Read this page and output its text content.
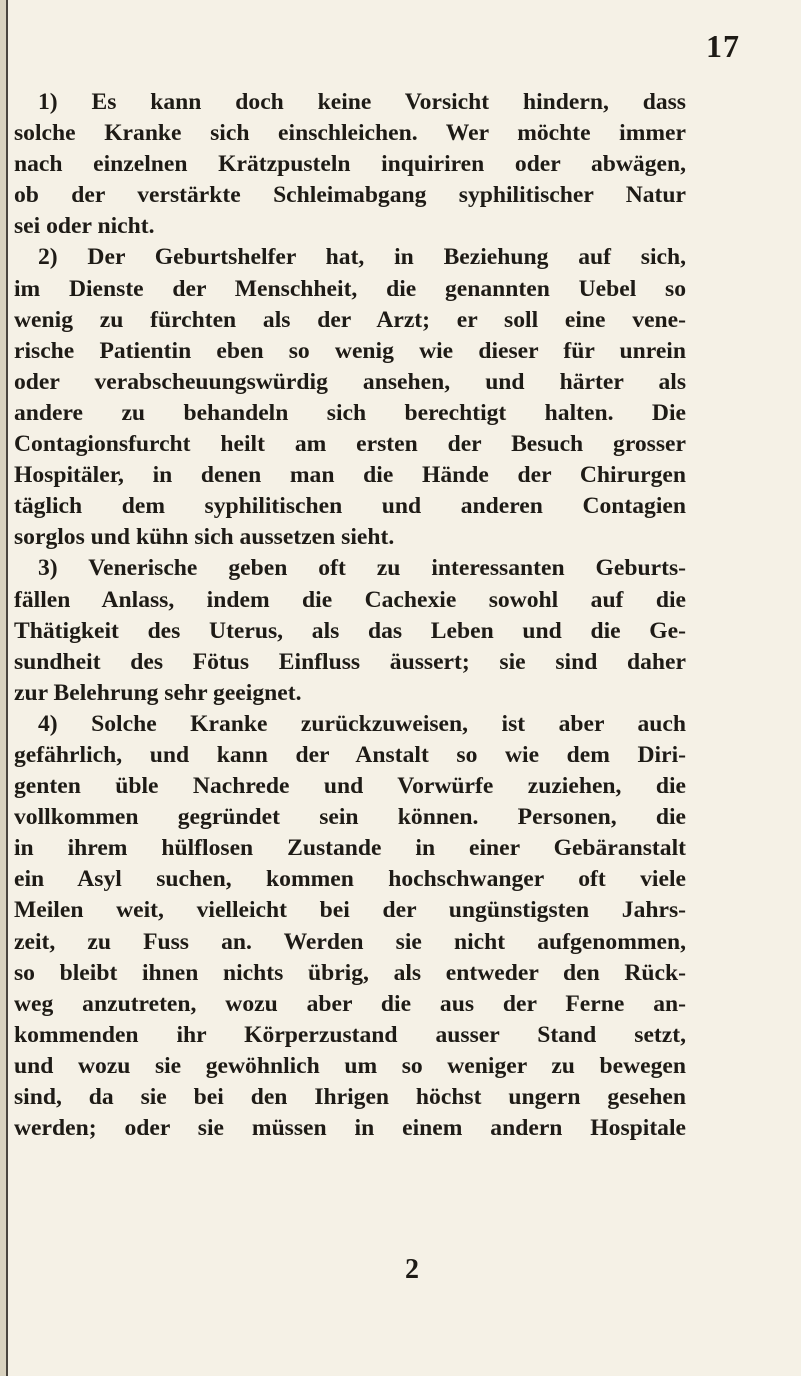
17
1) Es kann doch keine Vorsicht hindern, dass
solche Kranke sich einschleichen. Wer möchte immer
nach einzelnen Krätzpusteln inquiriren oder abwägen,
ob der verstärkte Schleimabgang syphilitischer Natur
sei oder nicht.
2) Der Geburtshelfer hat, in Beziehung auf sich,
im Dienste der Menschheit, die genannten Uebel so
wenig zu fürchten als der Arzt; er soll eine vene-
rische Patientin eben so wenig wie dieser für unrein
oder verabscheuungswürdig ansehen, und härter als
andere zu behandeln sich berechtigt halten. Die
Contagionsfurcht heilt am ersten der Besuch grosser
Hospitäler, in denen man die Hände der Chirurgen
täglich dem syphilitischen und anderen Contagien
sorglos und kühn sich aussetzen sieht.
3) Venerische geben oft zu interessanten Geburts-
fällen Anlass, indem die Cachexie sowohl auf die
Thätigkeit des Uterus, als das Leben und die Ge-
sundheit des Fötus Einfluss äussert; sie sind daher
zur Belehrung sehr geeignet.
4) Solche Kranke zurückzuweisen, ist aber auch
gefährlich, und kann der Anstalt so wie dem Diri-
genten üble Nachrede und Vorwürfe zuziehen, die
vollkommen gegründet sein können. Personen, die
in ihrem hülflosen Zustande in einer Gebäranstalt
ein Asyl suchen, kommen hochschwanger oft viele
Meilen weit, vielleicht bei der ungünstigsten Jahrs-
zeit, zu Fuss an. Werden sie nicht aufgenommen,
so bleibt ihnen nichts übrig, als entweder den Rück-
weg anzutreten, wozu aber die aus der Ferne an-
kommenden ihr Körperzustand ausser Stand setzt,
und wozu sie gewöhnlich um so weniger zu bewegen
sind, da sie bei den Ihrigen höchst ungern gesehen
werden; oder sie müssen in einem andern Hospitale
2
